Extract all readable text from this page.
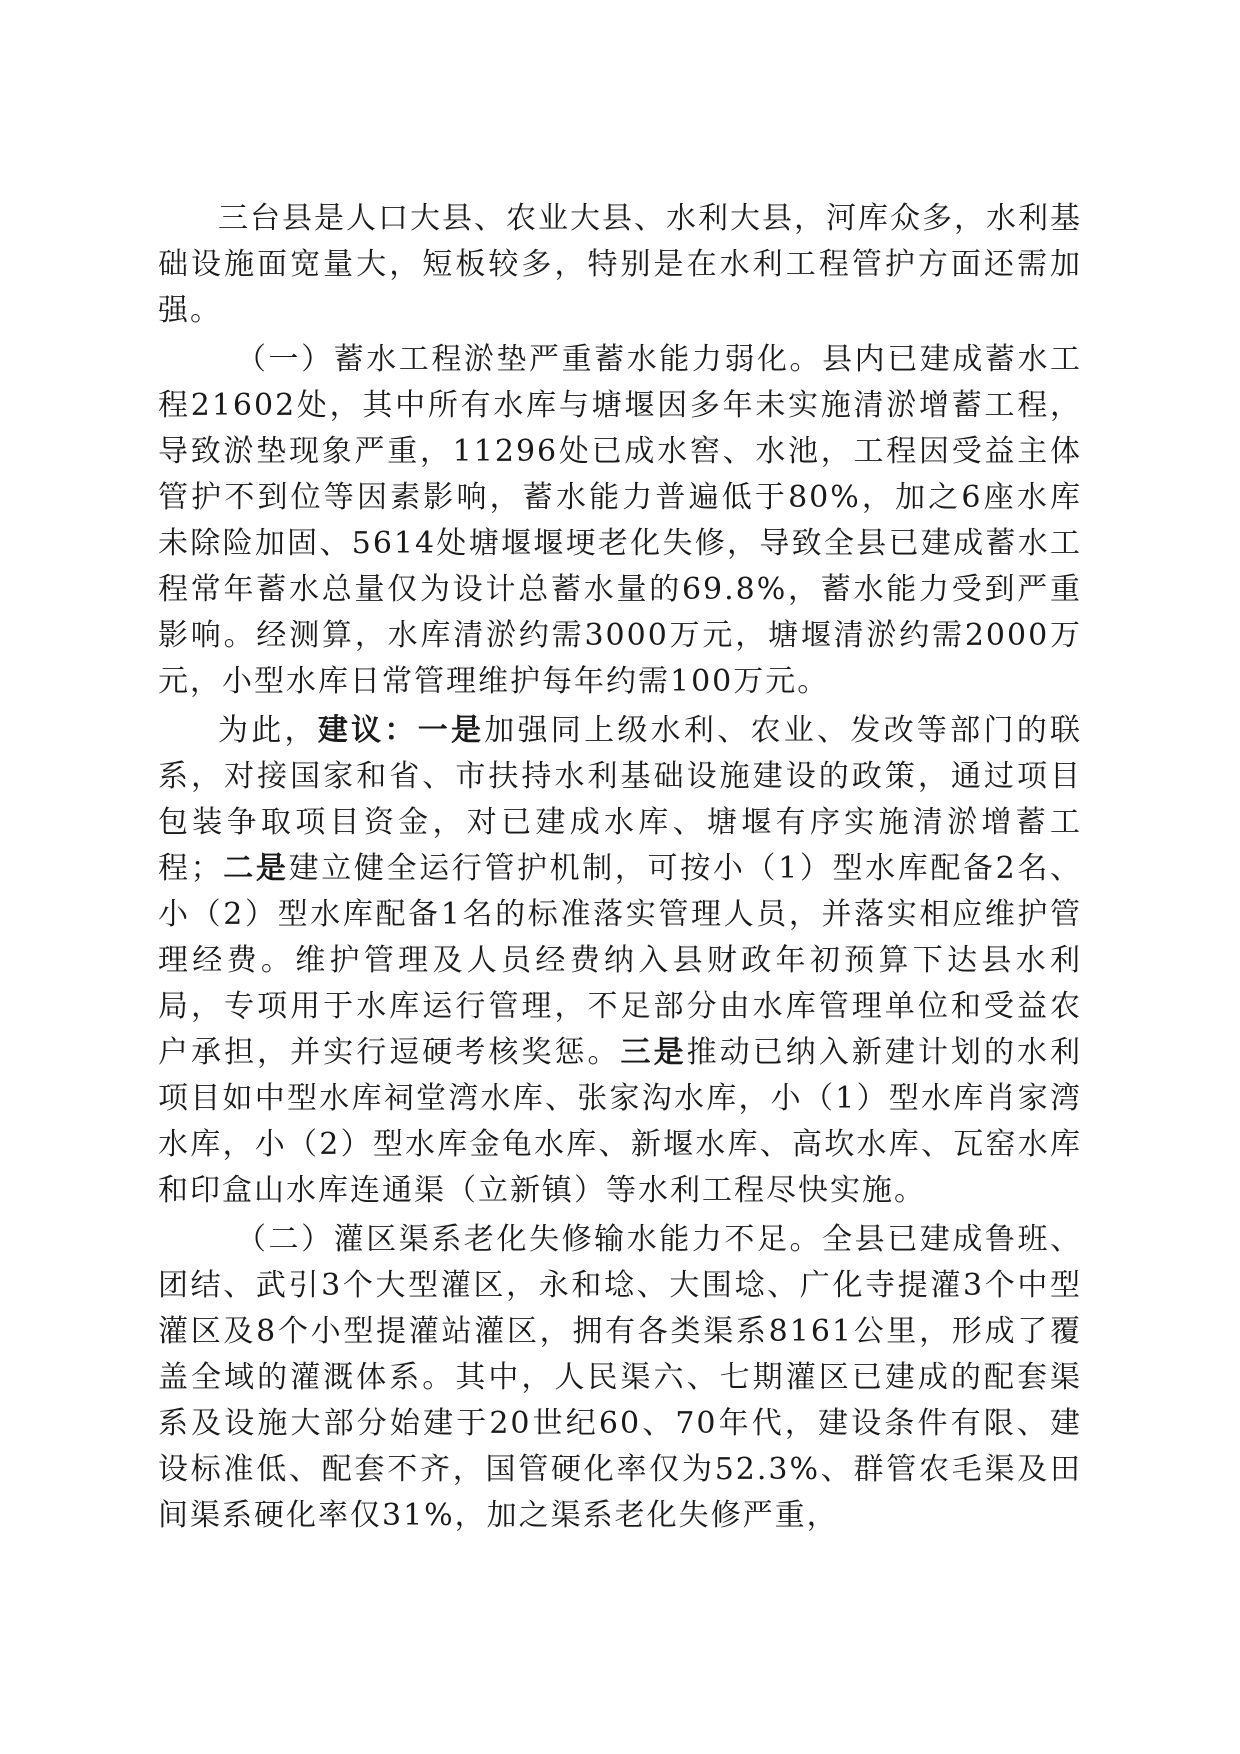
三台县是人口大县、农业大县、水利大县，河库众多，水利基础设施面宽量大，短板较多，特别是在水利工程管护方面还需加强。

（一）蓄水工程淤垫严重蓄水能力弱化。县内已建成蓄水工程21602处，其中所有水库与塘堰因多年未实施清淤增蓄工程，导致淤垫现象严重，11296处已成水窖、水池，工程因受益主体管护不到位等因素影响，蓄水能力普遍低于80%，加之6座水库未除险加固、5614处塘堰堰埂老化失修，导致全县已建成蓄水工程常年蓄水总量仅为设计总蓄水量的69.8%，蓄水能力受到严重影响。经测算，水库清淤约需3000万元，塘堰清淤约需2000万元，小型水库日常管理维护每年约需100万元。

为此，建议：一是加强同上级水利、农业、发改等部门的联系，对接国家和省、市扶持水利基础设施建设的政策，通过项目包装争取项目资金，对已建成水库、塘堰有序实施清淤增蓄工程；二是建立健全运行管护机制，可按小（1）型水库配备2名、小（2）型水库配备1名的标准落实管理人员，并落实相应维护管理经费。维护管理及人员经费纳入县财政年初预算下达县水利局，专项用于水库运行管理，不足部分由水库管理单位和受益农户承担，并实行逗硬考核奖惩。三是推动已纳入新建计划的水利项目如中型水库祠堂湾水库、张家沟水库，小（1）型水库肖家湾水库，小（2）型水库金龟水库、新堰水库、高坎水库、瓦窑水库和印盒山水库连通渠（立新镇）等水利工程尽快实施。

（二）灌区渠系老化失修输水能力不足。全县已建成鲁班、团结、武引3个大型灌区，永和埝、大围埝、广化寺提灌3个中型灌区及8个小型提灌站灌区，拥有各类渠系8161公里，形成了覆盖全域的灌溉体系。其中，人民渠六、七期灌区已建成的配套渠系及设施大部分始建于20世纪60、70年代，建设条件有限、建设标准低、配套不齐，国管硬化率仅为52.3%、群管农毛渠及田间渠系硬化率仅31%，加之渠系老化失修严重，
